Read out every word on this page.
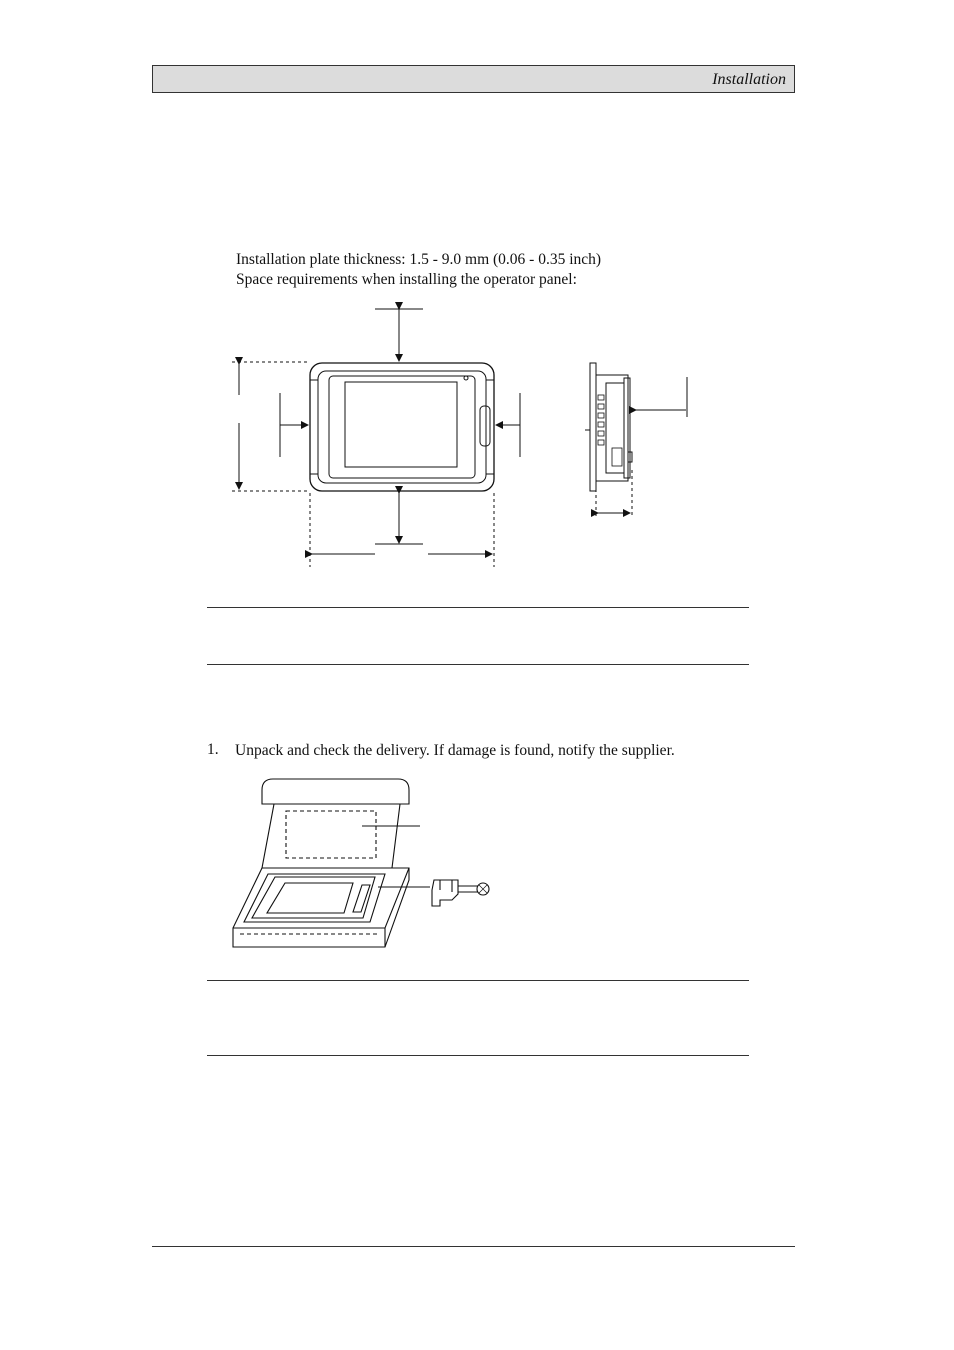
Installation
Installation plate thickness: 1.5 - 9.0 mm (0.06 - 0.35 inch)
Space requirements when installing the operator panel:
1. Unpack and check the delivery. If damage is found, notify the supplier.
